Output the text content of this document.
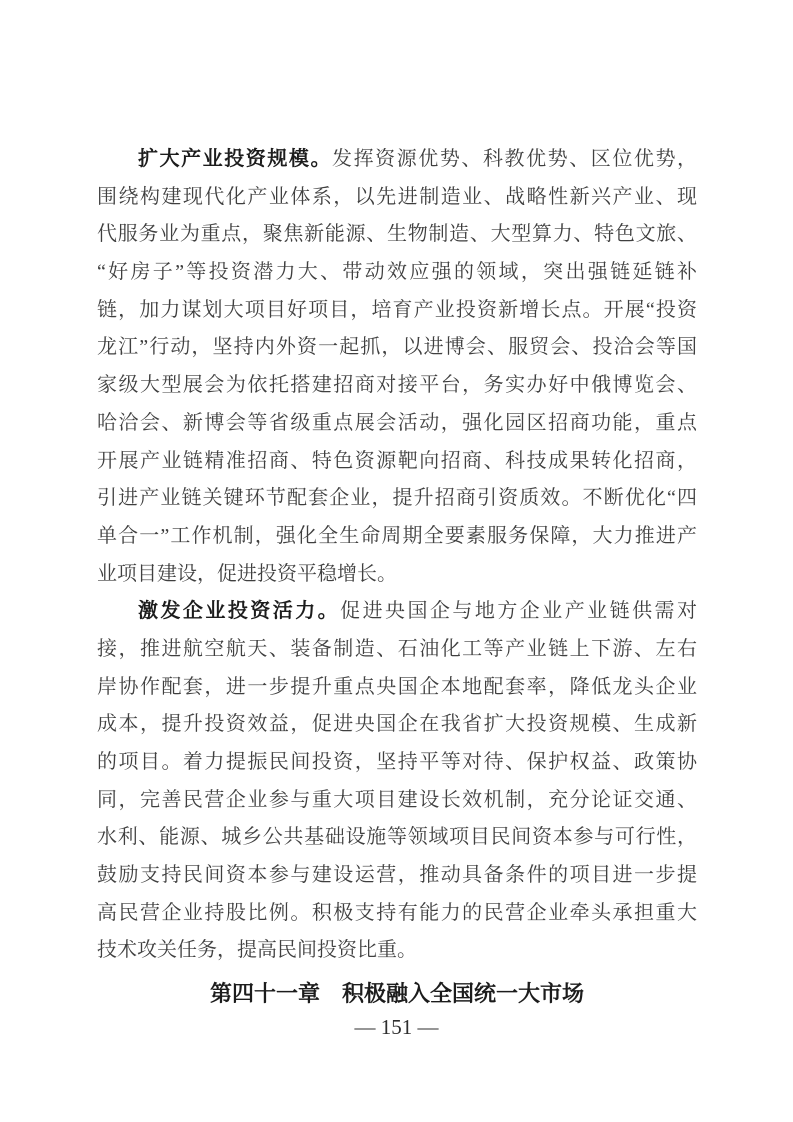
扩大产业投资规模。发挥资源优势、科教优势、区位优势，
围绕构建现代化产业体系，以先进制造业、战略性新兴产业、现
代服务业为重点，聚焦新能源、生物制造、大型算力、特色文旅、
“好房子”等投资潜力大、带动效应强的领域，突出强链延链补
链，加力谋划大项目好项目，培育产业投资新增长点。开展“投资
龙江”行动，坚持内外资一起抓，以进博会、服贸会、投洽会等国
家级大型展会为依托搭建招商对接平台，务实办好中俄博览会、
哈洽会、新博会等省级重点展会活动，强化园区招商功能，重点
开展产业链精准招商、特色资源靶向招商、科技成果转化招商，
引进产业链关键环节配套企业，提升招商引资质效。不断优化“四
单合一”工作机制，强化全生命周期全要素服务保障，大力推进产
业项目建设，促进投资平稳增长。
激发企业投资活力。促进央国企与地方企业产业链供需对
接，推进航空航天、装备制造、石油化工等产业链上下游、左右
岸协作配套，进一步提升重点央国企本地配套率，降低龙头企业
成本，提升投资效益，促进央国企在我省扩大投资规模、生成新
的项目。着力提振民间投资，坚持平等对待、保护权益、政策协
同，完善民营企业参与重大项目建设长效机制，充分论证交通、
水利、能源、城乡公共基础设施等领域项目民间资本参与可行性，
鼓励支持民间资本参与建设运营，推动具备条件的项目进一步提
高民营企业持股比例。积极支持有能力的民营企业牵头承担重大
技术攻关任务，提高民间投资比重。
第四十一章　积极融入全国统一大市场
— 151 —
